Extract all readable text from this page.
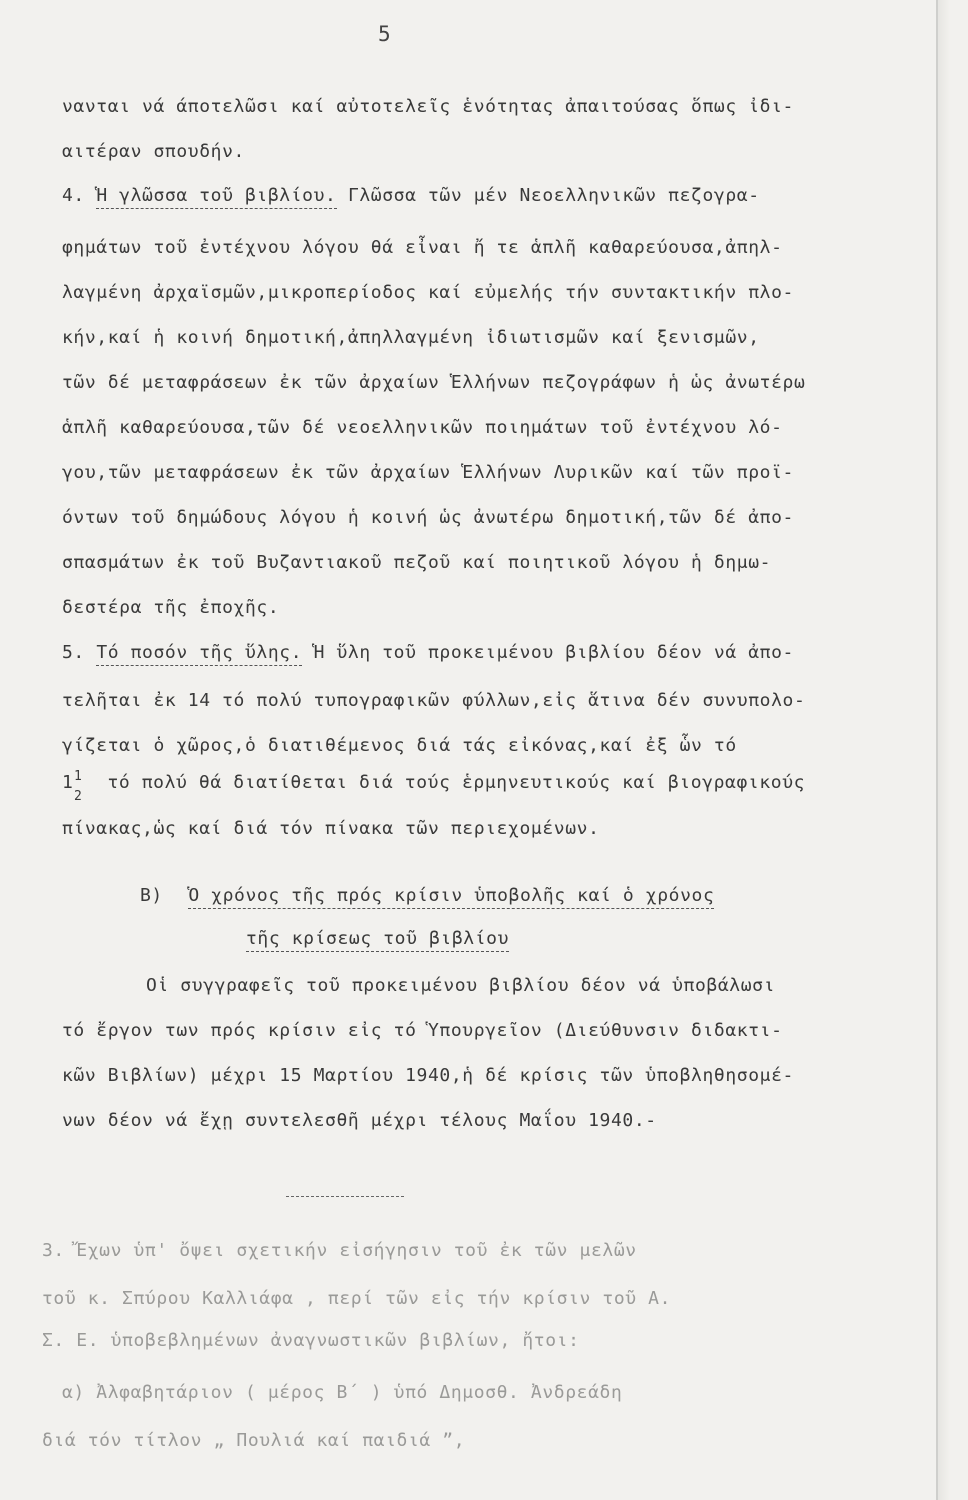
5
νανται νά άποτελῶσι καί αὐτοτελεῖς ἑνότητας ἀπαιτούσας ὅπως ἰδι-
αιτέραν σπουδήν.
4. Ἡ γλῶσσα τοῦ βιβλίου. Γλῶσσα τῶν μέν Νεοελληνικῶν πεζογρα-
φημάτων τοῦ ἐντέχνου λόγου θά εἶναι ἤ τε ἁπλῆ καθαρεύουσα,ἀπηλ-
λαγμένη ἀρχαϊσμῶν,μικροπερίοδος καί εὐμελής τήν συντακτικήν πλο-
κήν,καί ἡ κοινή δημοτική,ἀπηλλαγμένη ἰδιωτισμῶν καί ξενισμῶν,
τῶν δέ μεταφράσεων ἐκ τῶν ἀρχαίων Ἑλλήνων πεζογράφων ἡ ὡς ἀνωτέρω
ἁπλῆ καθαρεύουσα,τῶν δέ νεοελληνικῶν ποιημάτων τοῦ ἐντέχνου λό-
γου,τῶν μεταφράσεων ἐκ τῶν ἀρχαίων Ἑλλήνων Λυρικῶν καί τῶν προϊ-
όντων τοῦ δημώδους λόγου ἡ κοινή ὡς ἀνωτέρω δημοτική,τῶν δέ ἀπο-
σπασμάτων ἐκ τοῦ Βυζαντιακοῦ πεζοῦ καί ποιητικοῦ λόγου ἡ δημω-
δεστέρα τῆς ἐποχῆς.
5. Τό ποσόν τῆς ὕλης. Ἡ ὕλη τοῦ προκειμένου βιβλίου δέον νά ἀπο-
τελῆται ἐκ 14 τό πολύ τυπογραφικῶν φύλλων,εἰς ἅτινα δέν συνυπολο-
γίζεται ὁ χῶρος,ὁ διατιθέμενος διά τάς εἰκόνας,καί ἐξ ὧν τό
1 1
2
τό πολύ θά διατίθεται διά τούς ἑρμηνευτικούς καί βιογραφικούς
πίνακας,ὡς καί διά τόν πίνακα τῶν περιεχομένων.
Β) Ὁ χρόνος τῆς πρός κρίσιν ὑποβολῆς καί ὁ χρόνος
τῆς κρίσεως τοῦ βιβλίου
Οἱ συγγραφεῖς τοῦ προκειμένου βιβλίου δέον νά ὑποβάλωσι
τό ἔργον των πρός κρίσιν εἰς τό Ὑπουργεῖον (Διεύθυνσιν διδακτι-
κῶν Βιβλίων) μέχρι 15 Μαρτίου 1940,ἡ δέ κρίσις τῶν ὑποβληθησομέ-
νων δέον νά ἔχῃ συντελεσθῆ μέχρι τέλους Μαΐου 1940.-
3. Ἔχων ὑπ' ὄψει σχετικήν εἰσήγησιν τοῦ ἐκ τῶν μελῶν
τοῦ κ. Σπύρου Καλλιάφα , περί τῶν εἰς τήν κρίσιν τοῦ Α.
Σ. Ε. ὑποβεβλημένων ἀναγνωστικῶν βιβλίων, ἤτοι:
α) Ἀλφαβητάριον ( μέρος Β΄ ) ὑπό Δημοσθ. Ἀνδρεάδη
διά τόν τίτλον „ Πουλιά καί παιδιά ”,
